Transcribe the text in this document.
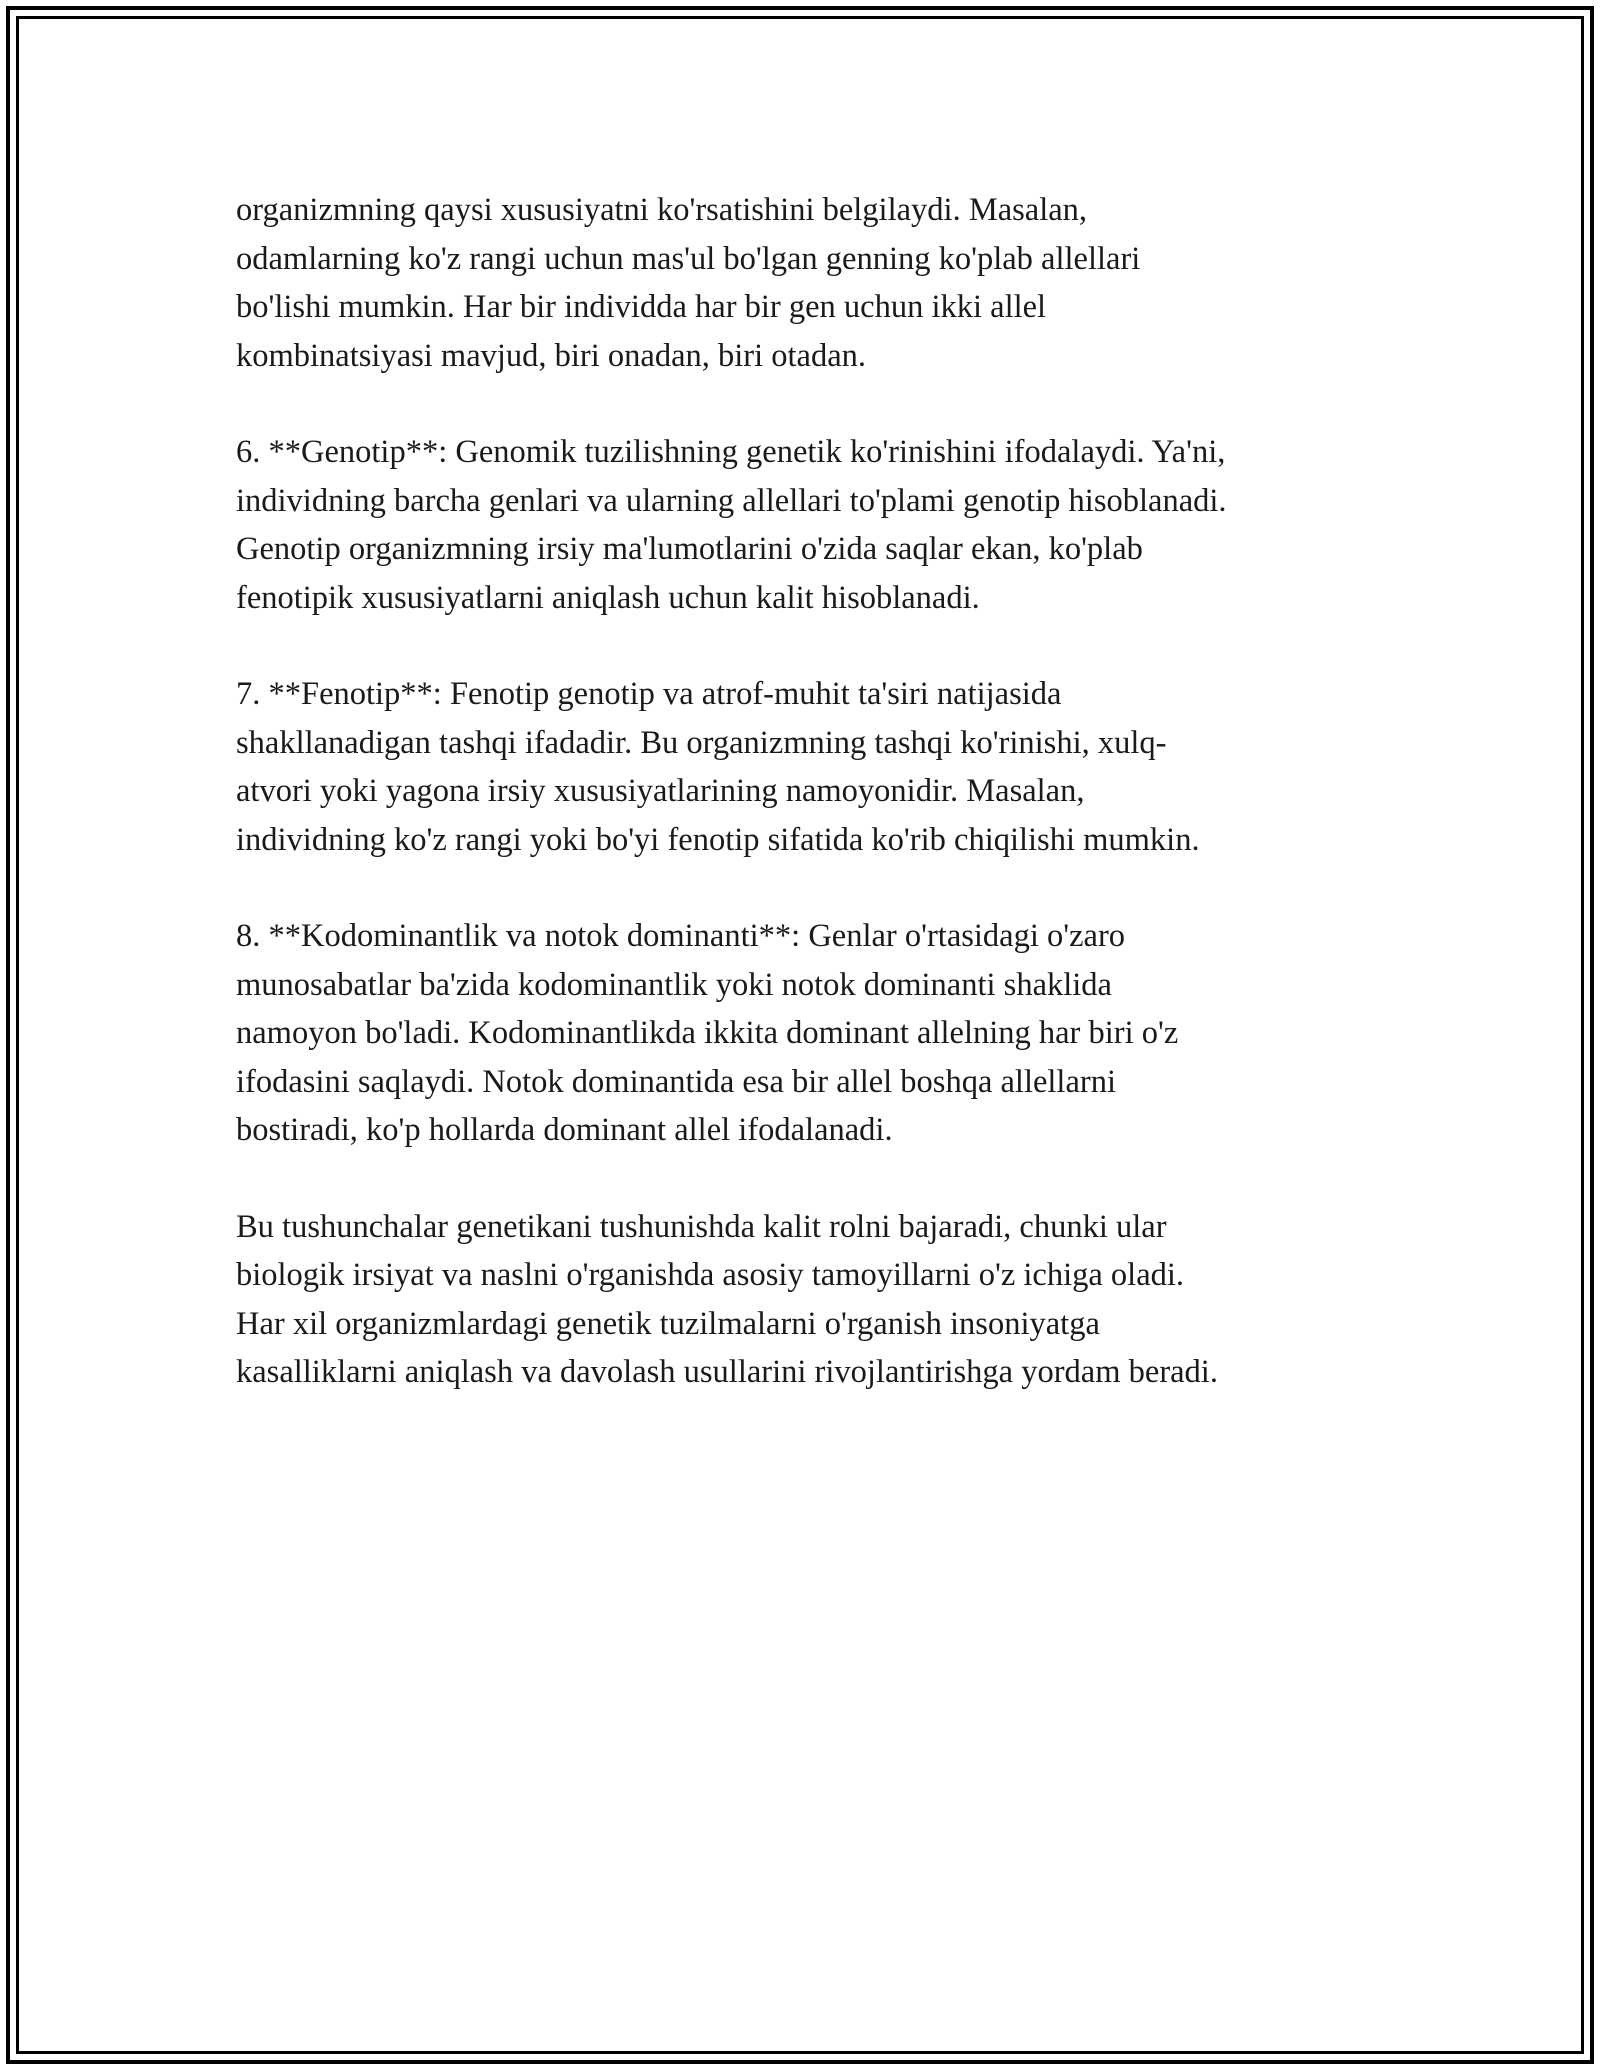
organizmning qaysi xususiyatni ko'rsatishini belgilaydi. Masalan,
odamlarning ko'z rangi uchun mas'ul bo'lgan genning ko'plab allellari
bo'lishi mumkin. Har bir individda har bir gen uchun ikki allel
kombinatsiyasi mavjud, biri onadan, biri otadan.

6. **Genotip**: Genomik tuzilishning genetik ko'rinishini ifodalaydi. Ya'ni,
individning barcha genlari va ularning allellari to'plami genotip hisoblanadi.
Genotip organizmning irsiy ma'lumotlarini o'zida saqlar ekan, ko'plab
fenotipik xususiyatlarni aniqlash uchun kalit hisoblanadi.

7. **Fenotip**: Fenotip genotip va atrof-muhit ta'siri natijasida
shakllanadigan tashqi ifadadir. Bu organizmning tashqi ko'rinishi, xulq-
atvori yoki yagona irsiy xususiyatlarining namoyonidir. Masalan,
individning ko'z rangi yoki bo'yi fenotip sifatida ko'rib chiqilishi mumkin.

8. **Kodominantlik va notok dominanti**: Genlar o'rtasidagi o'zaro
munosabatlar ba'zida kodominantlik yoki notok dominanti shaklida
namoyon bo'ladi. Kodominantlikda ikkita dominant allelning har biri o'z
ifodasini saqlaydi. Notok dominantida esa bir allel boshqa allellarni
bostiradi, ko'p hollarda dominant allel ifodalanadi.

Bu tushunchalar genetikani tushunishda kalit rolni bajaradi, chunki ular
biologik irsiyat va naslni o'rganishda asosiy tamoyillarni o'z ichiga oladi.
Har xil organizmlardagi genetik tuzilmalarni o'rganish insoniyatga
kasalliklarni aniqlash va davolash usullarini rivojlantirishga yordam beradi.
